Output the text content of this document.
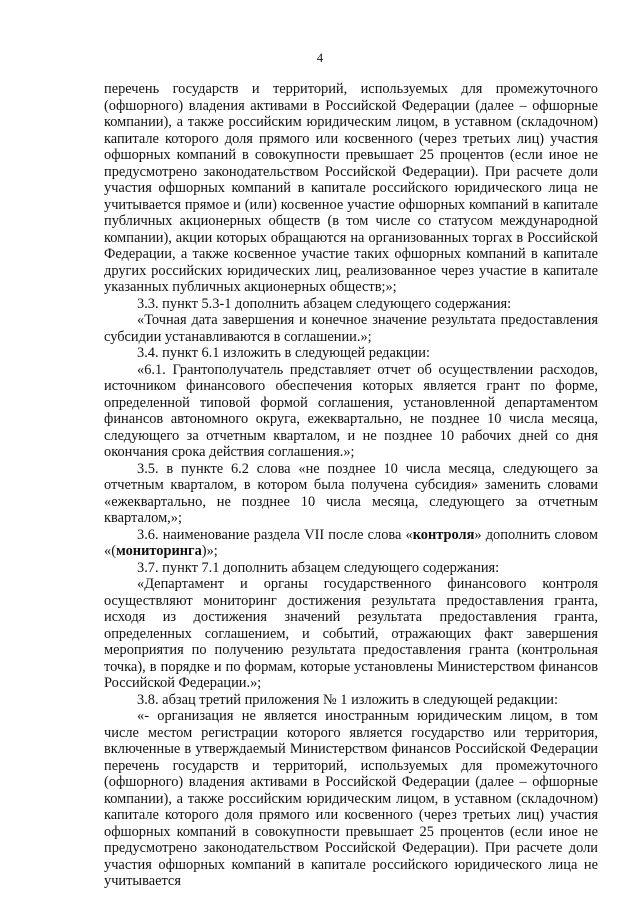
4

перечень государств и территорий, используемых для промежуточного (офшорного) владения активами в Российской Федерации (далее – офшорные компании), а также российским юридическим лицом, в уставном (складочном) капитале которого доля прямого или косвенного (через третьих лиц) участия офшорных компаний в совокупности превышает 25 процентов (если иное не предусмотрено законодательством Российской Федерации). При расчете доли участия офшорных компаний в капитале российского юридического лица не учитывается прямое и (или) косвенное участие офшорных компаний в капитале публичных акционерных обществ (в том числе со статусом международной компании), акции которых обращаются на организованных торгах в Российской Федерации, а также косвенное участие таких офшорных компаний в капитале других российских юридических лиц, реализованное через участие в капитале указанных публичных акционерных обществ;»;

3.3. пункт 5.3-1 дополнить абзацем следующего содержания:

«Точная дата завершения и конечное значение результата предоставления субсидии устанавливаются в соглашении.»;

3.4. пункт 6.1 изложить в следующей редакции:

«6.1. Грантополучатель представляет отчет об осуществлении расходов, источником финансового обеспечения которых является грант по форме, определенной типовой формой соглашения, установленной департаментом финансов автономного округа, ежеквартально, не позднее 10 числа месяца, следующего за отчетным кварталом, и не позднее 10 рабочих дней со дня окончания срока действия соглашения.»;

3.5. в пункте 6.2 слова «не позднее 10 числа месяца, следующего за отчетным кварталом, в котором была получена субсидия» заменить словами «ежеквартально, не позднее 10 числа месяца, следующего за отчетным кварталом,»;

3.6. наименование раздела VII после слова «контроля» дополнить словом «(мониторинга)»;

3.7. пункт 7.1 дополнить абзацем следующего содержания:

«Департамент и органы государственного финансового контроля осуществляют мониторинг достижения результата предоставления гранта, исходя из достижения значений результата предоставления гранта, определенных соглашением, и событий, отражающих факт завершения мероприятия по получению результата предоставления гранта (контрольная точка), в порядке и по формам, которые установлены Министерством финансов Российской Федерации.»;

3.8. абзац третий приложения № 1 изложить в следующей редакции:

«- организация не является иностранным юридическим лицом, в том числе местом регистрации которого является государство или территория, включенные в утверждаемый Министерством финансов Российской Федерации перечень государств и территорий, используемых для промежуточного (офшорного) владения активами в Российской Федерации (далее – офшорные компании), а также российским юридическим лицом, в уставном (складочном) капитале которого доля прямого или косвенного (через третьих лиц) участия офшорных компаний в совокупности превышает 25 процентов (если иное не предусмотрено законодательством Российской Федерации). При расчете доли участия офшорных компаний в капитале российского юридического лица не учитывается
